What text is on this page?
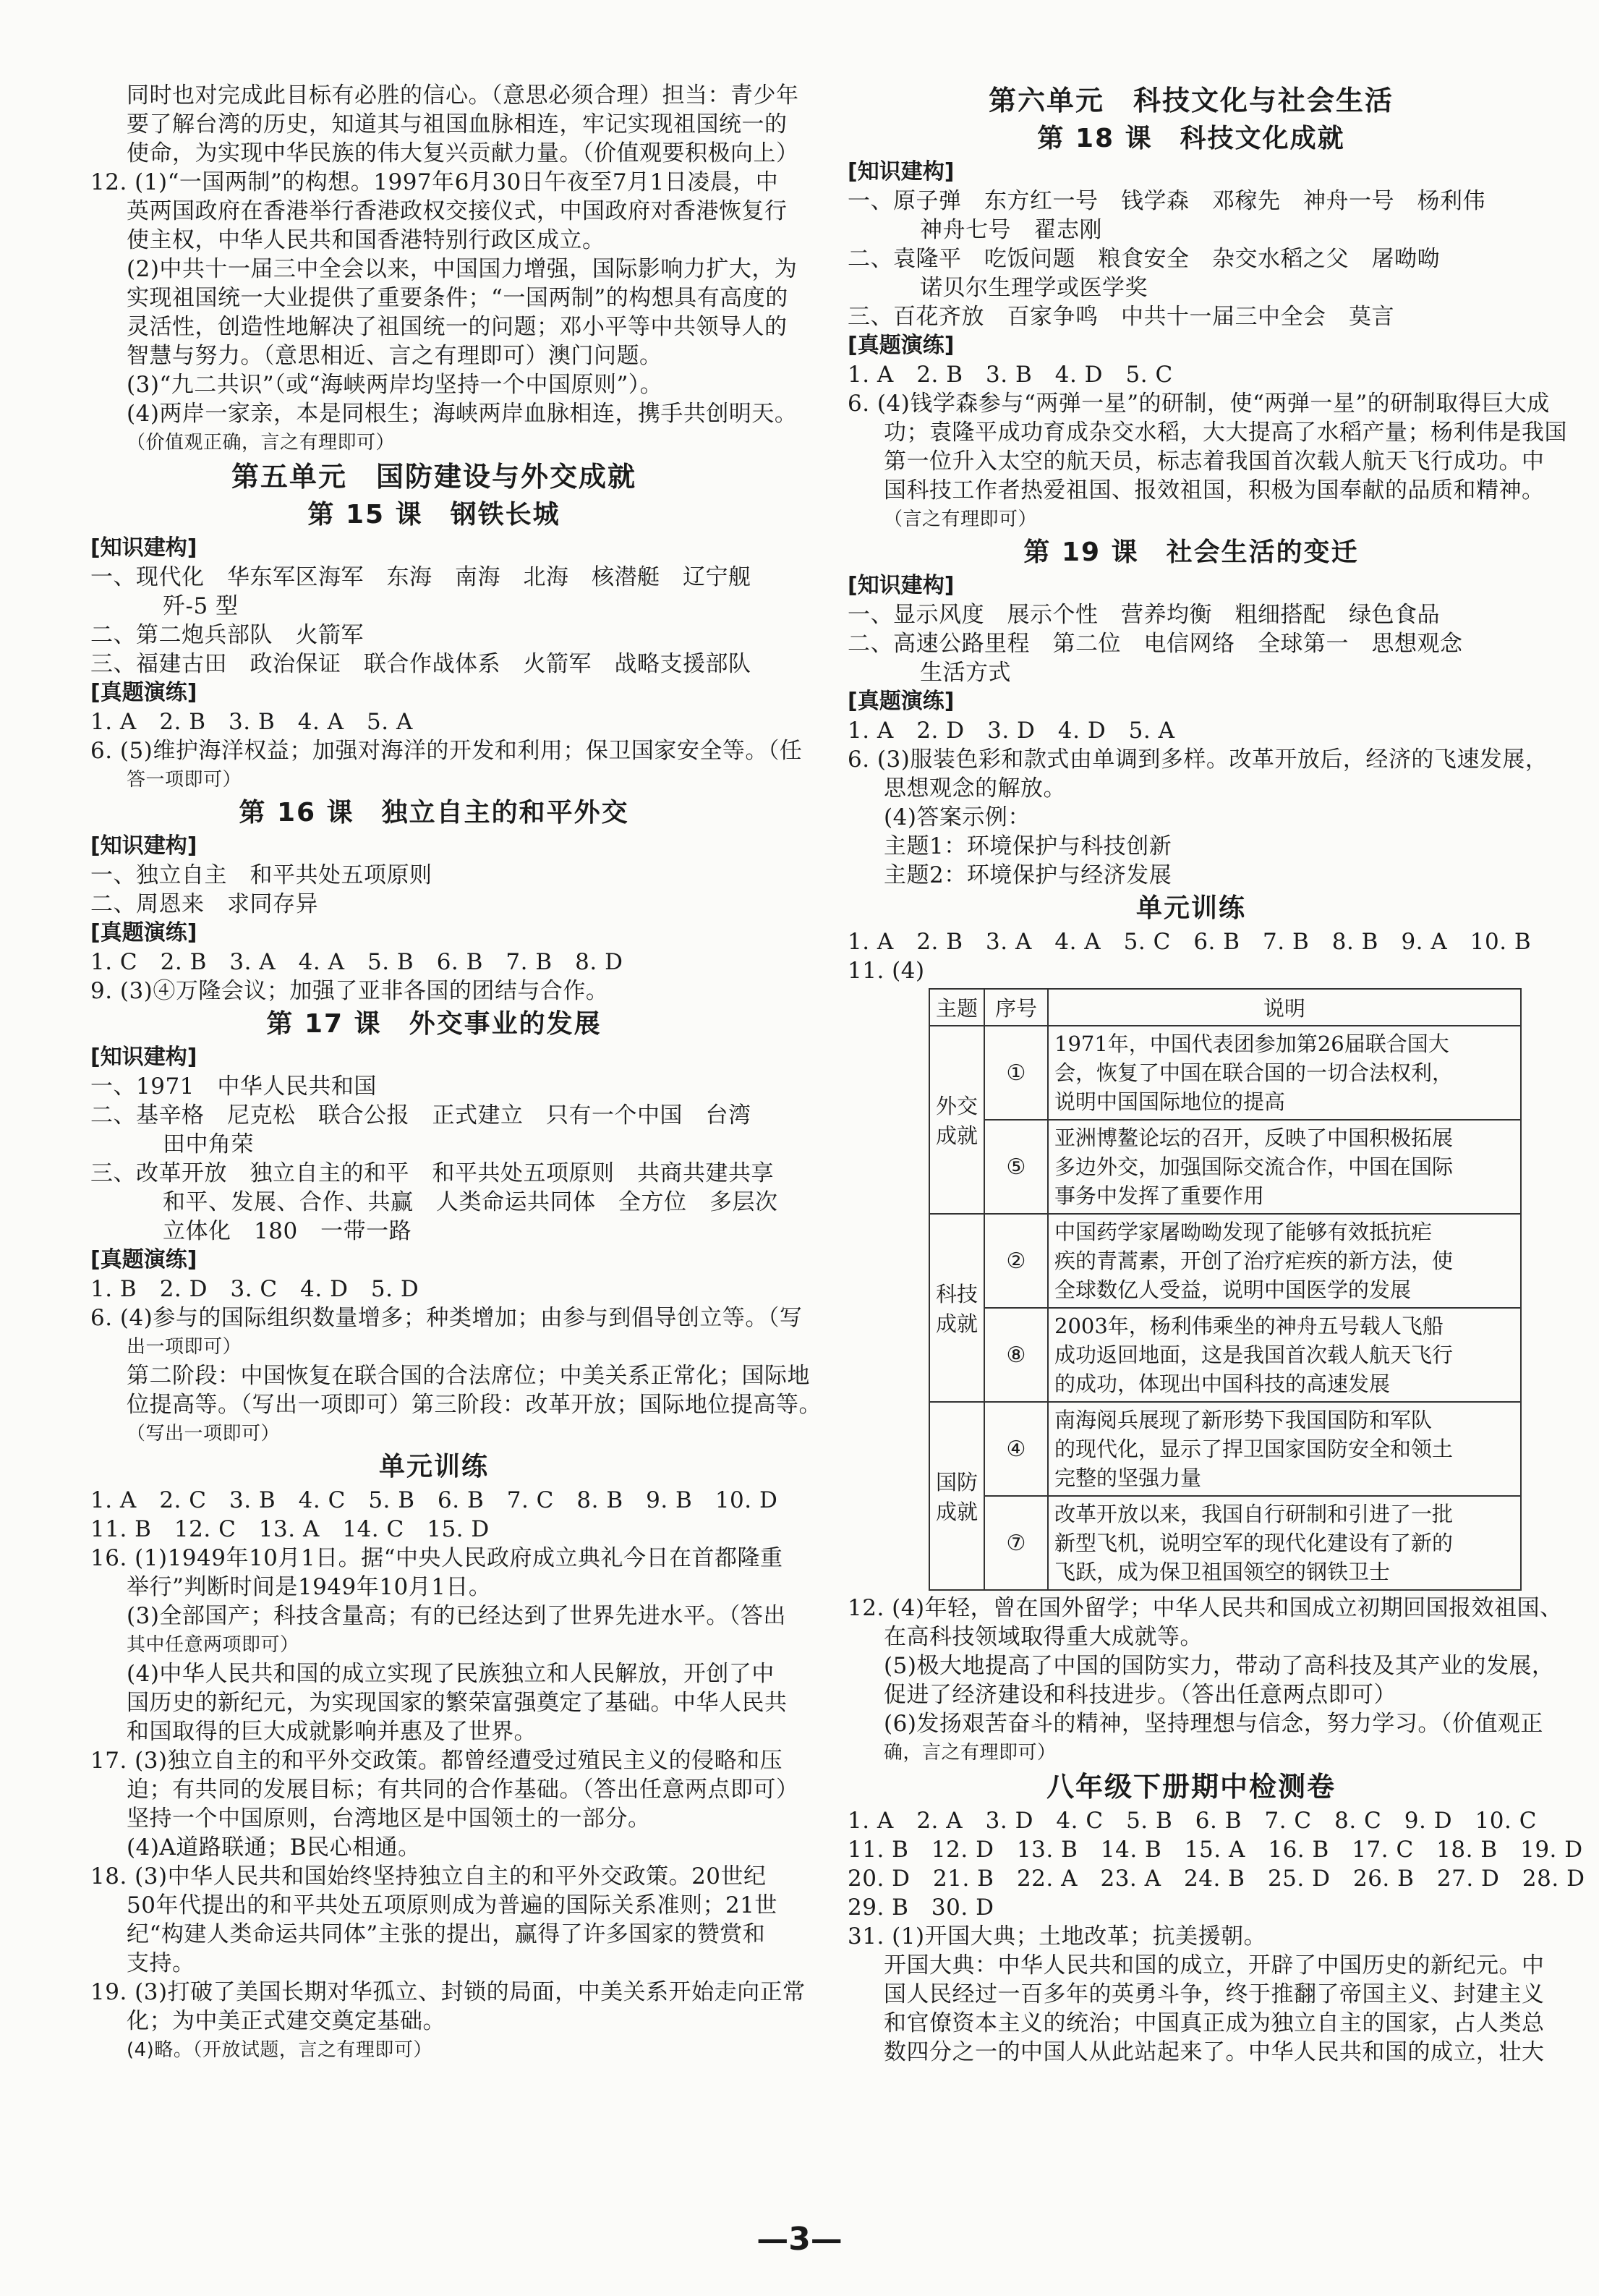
同时也对完成此目标有必胜的信心。（意思必须合理）担当：青少年
要了解台湾的历史，知道其与祖国血脉相连，牢记实现祖国统一的
使命，为实现中华民族的伟大复兴贡献力量。（价值观要积极向上）
12. (1)“一国两制”的构想。1997年6月30日午夜至7月1日凌晨，中
英两国政府在香港举行香港政权交接仪式，中国政府对香港恢复行
使主权，中华人民共和国香港特别行政区成立。
(2)中共十一届三中全会以来，中国国力增强，国际影响力扩大，为
实现祖国统一大业提供了重要条件；“一国两制”的构想具有高度的
灵活性，创造性地解决了祖国统一的问题；邓小平等中共领导人的
智慧与努力。（意思相近、言之有理即可）澳门问题。
(3)“九二共识”（或“海峡两岸均坚持一个中国原则”）。
(4)两岸一家亲，本是同根生；海峡两岸血脉相连，携手共创明天。
（价值观正确，言之有理即可）
第五单元　国防建设与外交成就
第 15 课　钢铁长城
[知识建构]
一、现代化　华东军区海军　东海　南海　北海　核潜艇　辽宁舰
歼-5 型
二、第二炮兵部队　火箭军
三、福建古田　政治保证　联合作战体系　火箭军　战略支援部队
[真题演练]
1. A　2. B　3. B　4. A　5. A
6. (5)维护海洋权益；加强对海洋的开发和利用；保卫国家安全等。（任
答一项即可）
第 16 课　独立自主的和平外交
[知识建构]
一、独立自主　和平共处五项原则
二、周恩来　求同存异
[真题演练]
1. C　2. B　3. A　4. A　5. B　6. B　7. B　8. D
9. (3)④万隆会议；加强了亚非各国的团结与合作。
第 17 课　外交事业的发展
[知识建构]
一、1971　中华人民共和国
二、基辛格　尼克松　联合公报　正式建立　只有一个中国　台湾
田中角荣
三、改革开放　独立自主的和平　和平共处五项原则　共商共建共享
和平、发展、合作、共赢　人类命运共同体　全方位　多层次
立体化　180　一带一路
[真题演练]
1. B　2. D　3. C　4. D　5. D
6. (4)参与的国际组织数量增多；种类增加；由参与到倡导创立等。（写
出一项即可）
第二阶段：中国恢复在联合国的合法席位；中美关系正常化；国际地
位提高等。（写出一项即可）第三阶段：改革开放；国际地位提高等。
（写出一项即可）
单元训练
1. A　2. C　3. B　4. C　5. B　6. B　7. C　8. B　9. B　10. D
11. B　12. C　13. A　14. C　15. D
16. (1)1949年10月1日。据“中央人民政府成立典礼今日在首都隆重
举行”判断时间是1949年10月1日。
(3)全部国产；科技含量高；有的已经达到了世界先进水平。（答出
其中任意两项即可）
(4)中华人民共和国的成立实现了民族独立和人民解放，开创了中
国历史的新纪元，为实现国家的繁荣富强奠定了基础。中华人民共
和国取得的巨大成就影响并惠及了世界。
17. (3)独立自主的和平外交政策。都曾经遭受过殖民主义的侵略和压
迫；有共同的发展目标；有共同的合作基础。（答出任意两点即可）
坚持一个中国原则，台湾地区是中国领土的一部分。
(4)A道路联通；B民心相通。
18. (3)中华人民共和国始终坚持独立自主的和平外交政策。20世纪
50年代提出的和平共处五项原则成为普遍的国际关系准则；21世
纪“构建人类命运共同体”主张的提出，赢得了许多国家的赞赏和
支持。
19. (3)打破了美国长期对华孤立、封锁的局面，中美关系开始走向正常
化；为中美正式建交奠定基础。
(4)略。（开放试题，言之有理即可）
第六单元　科技文化与社会生活
第 18 课　科技文化成就
[知识建构]
一、原子弹　东方红一号　钱学森　邓稼先　神舟一号　杨利伟
神舟七号　翟志刚
二、袁隆平　吃饭问题　粮食安全　杂交水稻之父　屠呦呦
诺贝尔生理学或医学奖
三、百花齐放　百家争鸣　中共十一届三中全会　莫言
[真题演练]
1. A　2. B　3. B　4. D　5. C
6. (4)钱学森参与“两弹一星”的研制，使“两弹一星”的研制取得巨大成
功；袁隆平成功育成杂交水稻，大大提高了水稻产量；杨利伟是我国
第一位升入太空的航天员，标志着我国首次载人航天飞行成功。中
国科技工作者热爱祖国、报效祖国，积极为国奉献的品质和精神。
（言之有理即可）
第 19 课　社会生活的变迁
[知识建构]
一、显示风度　展示个性　营养均衡　粗细搭配　绿色食品
二、高速公路里程　第二位　电信网络　全球第一　思想观念
生活方式
[真题演练]
1. A　2. D　3. D　4. D　5. A
6. (3)服装色彩和款式由单调到多样。改革开放后，经济的飞速发展，
思想观念的解放。
(4)答案示例：
主题1：环境保护与科技创新
主题2：环境保护与经济发展
单元训练
1. A　2. B　3. A　4. A　5. C　6. B　7. B　8. B　9. A　10. B
11. (4)
主题	序号	说明
外交成就	①	1971年，中国代表团参加第26届联合国大
会，恢复了中国在联合国的一切合法权利，
说明中国国际地位的提高

	⑤	亚洲博鳌论坛的召开，反映了中国积极拓展
多边外交，加强国际交流合作，中国在国际
事务中发挥了重要作用

科技成就	②	中国药学家屠呦呦发现了能够有效抵抗疟
疾的青蒿素，开创了治疗疟疾的新方法，使
全球数亿人受益，说明中国医学的发展

	⑧	2003年，杨利伟乘坐的神舟五号载人飞船
成功返回地面，这是我国首次载人航天飞行
的成功，体现出中国科技的高速发展

国防成就	④	南海阅兵展现了新形势下我国国防和军队
的现代化，显示了捍卫国家国防安全和领土
完整的坚强力量

	⑦	改革开放以来，我国自行研制和引进了一批
新型飞机，说明空军的现代化建设有了新的
飞跃，成为保卫祖国领空的钢铁卫士
12. (4)年轻，曾在国外留学；中华人民共和国成立初期回国报效祖国、
在高科技领域取得重大成就等。
(5)极大地提高了中国的国防实力，带动了高科技及其产业的发展，
促进了经济建设和科技进步。（答出任意两点即可）
(6)发扬艰苦奋斗的精神，坚持理想与信念，努力学习。（价值观正
确，言之有理即可）
八年级下册期中检测卷
1. A　2. A　3. D　4. C　5. B　6. B　7. C　8. C　9. D　10. C
11. B　12. D　13. B　14. B　15. A　16. B　17. C　18. B　19. D
20. D　21. B　22. A　23. A　24. B　25. D　26. B　27. D　28. D
29. B　30. D
31. (1)开国大典；土地改革；抗美援朝。
开国大典：中华人民共和国的成立，开辟了中国历史的新纪元。中
国人民经过一百多年的英勇斗争，终于推翻了帝国主义、封建主义
和官僚资本主义的统治；中国真正成为独立自主的国家，占人类总
数四分之一的中国人从此站起来了。中华人民共和国的成立，壮大
—3—
